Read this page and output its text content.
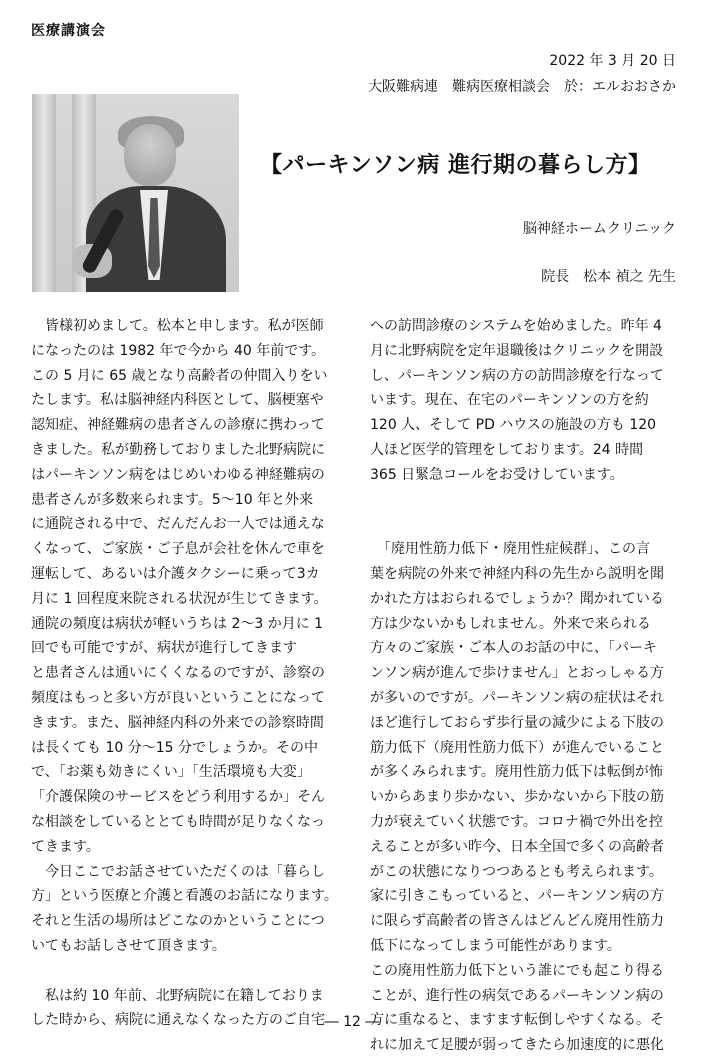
医療講演会
2022 年 3 月 20 日
大阪難病連　難病医療相談会　於：エルおおさか
【パーキンソン病 進行期の暮らし方】
脳神経ホームクリニック
院長　松本 禎之 先生

　皆様初めまして。松本と申します。私が医師

になったのは 1982 年で今から 40 年前です。

この 5 月に 65 歳となり高齢者の仲間入りをい

たします。私は脳神経内科医として、脳梗塞や

認知症、神経難病の患者さんの診療に携わって

きました。私が勤務しておりました北野病院に

はパーキンソン病をはじめいわゆる神経難病の

患者さんが多数来られます。5～10 年と外来

に通院される中で、だんだんお一人では通えな

くなって、ご家族・ご子息が会社を休んで車を

運転して、あるいは介護タクシーに乗って3カ

月に 1 回程度来院される状況が生じてきます。

通院の頻度は病状が軽いうちは 2～3 か月に 1

回でも可能ですが、病状が進行してきます

と患者さんは通いにくくなるのですが、診察の

頻度はもっと多い方が良いということになって

きます。また、脳神経内科の外来での診察時間

は長くても 10 分～15 分でしょうか。その中

で、「お薬も効きにくい」「生活環境も大変」

「介護保険のサービスをどう利用するか」そん

な相談をしているととても時間が足りなくなっ

てきます。

　今日ここでお話させていただくのは「暮らし

方」という医療と介護と看護のお話になります。

それと生活の場所はどこなのかということにつ

いてもお話しさせて頂きます。

　私は約 10 年前、北野病院に在籍しておりま

した時から、病院に通えなくなった方のご自宅

への訪問診療のシステムを始めました。昨年 4

月に北野病院を定年退職後はクリニックを開設

し、パーキンソン病の方の訪問診療を行なって

います。現在、在宅のパーキンソンの方を約

120 人、そして PD ハウスの施設の方も 120

人ほど医学的管理をしております。24 時間

365 日緊急コールをお受けしています。

　「廃用性筋力低下・廃用性症候群」、この言

葉を病院の外来で神経内科の先生から説明を聞

かれた方はおられるでしょうか？聞かれている

方は少ないかもしれません。外来で来られる

方々のご家族・ご本人のお話の中に、「パーキ

ンソン病が進んで歩けません」とおっしゃる方

が多いのですが。パーキンソン病の症状はそれ

ほど進行しておらず歩行量の減少による下肢の

筋力低下（廃用性筋力低下）が進んでいること

が多くみられます。廃用性筋力低下は転倒が怖

いからあまり歩かない、歩かないから下肢の筋

力が衰えていく状態です。コロナ禍で外出を控

えることが多い昨今、日本全国で多くの高齢者

がこの状態になりつつあるとも考えられます。

家に引きこもっていると、パーキンソン病の方

に限らず高齢者の皆さんはどんどん廃用性筋力

低下になってしまう可能性があります。

この廃用性筋力低下という誰にでも起こり得る

ことが、進行性の病気であるパーキンソン病の

方に重なると、ますます転倒しやすくなる。そ

れに加えて足腰が弱ってきたら加速度的に悪化

― 12 ―
